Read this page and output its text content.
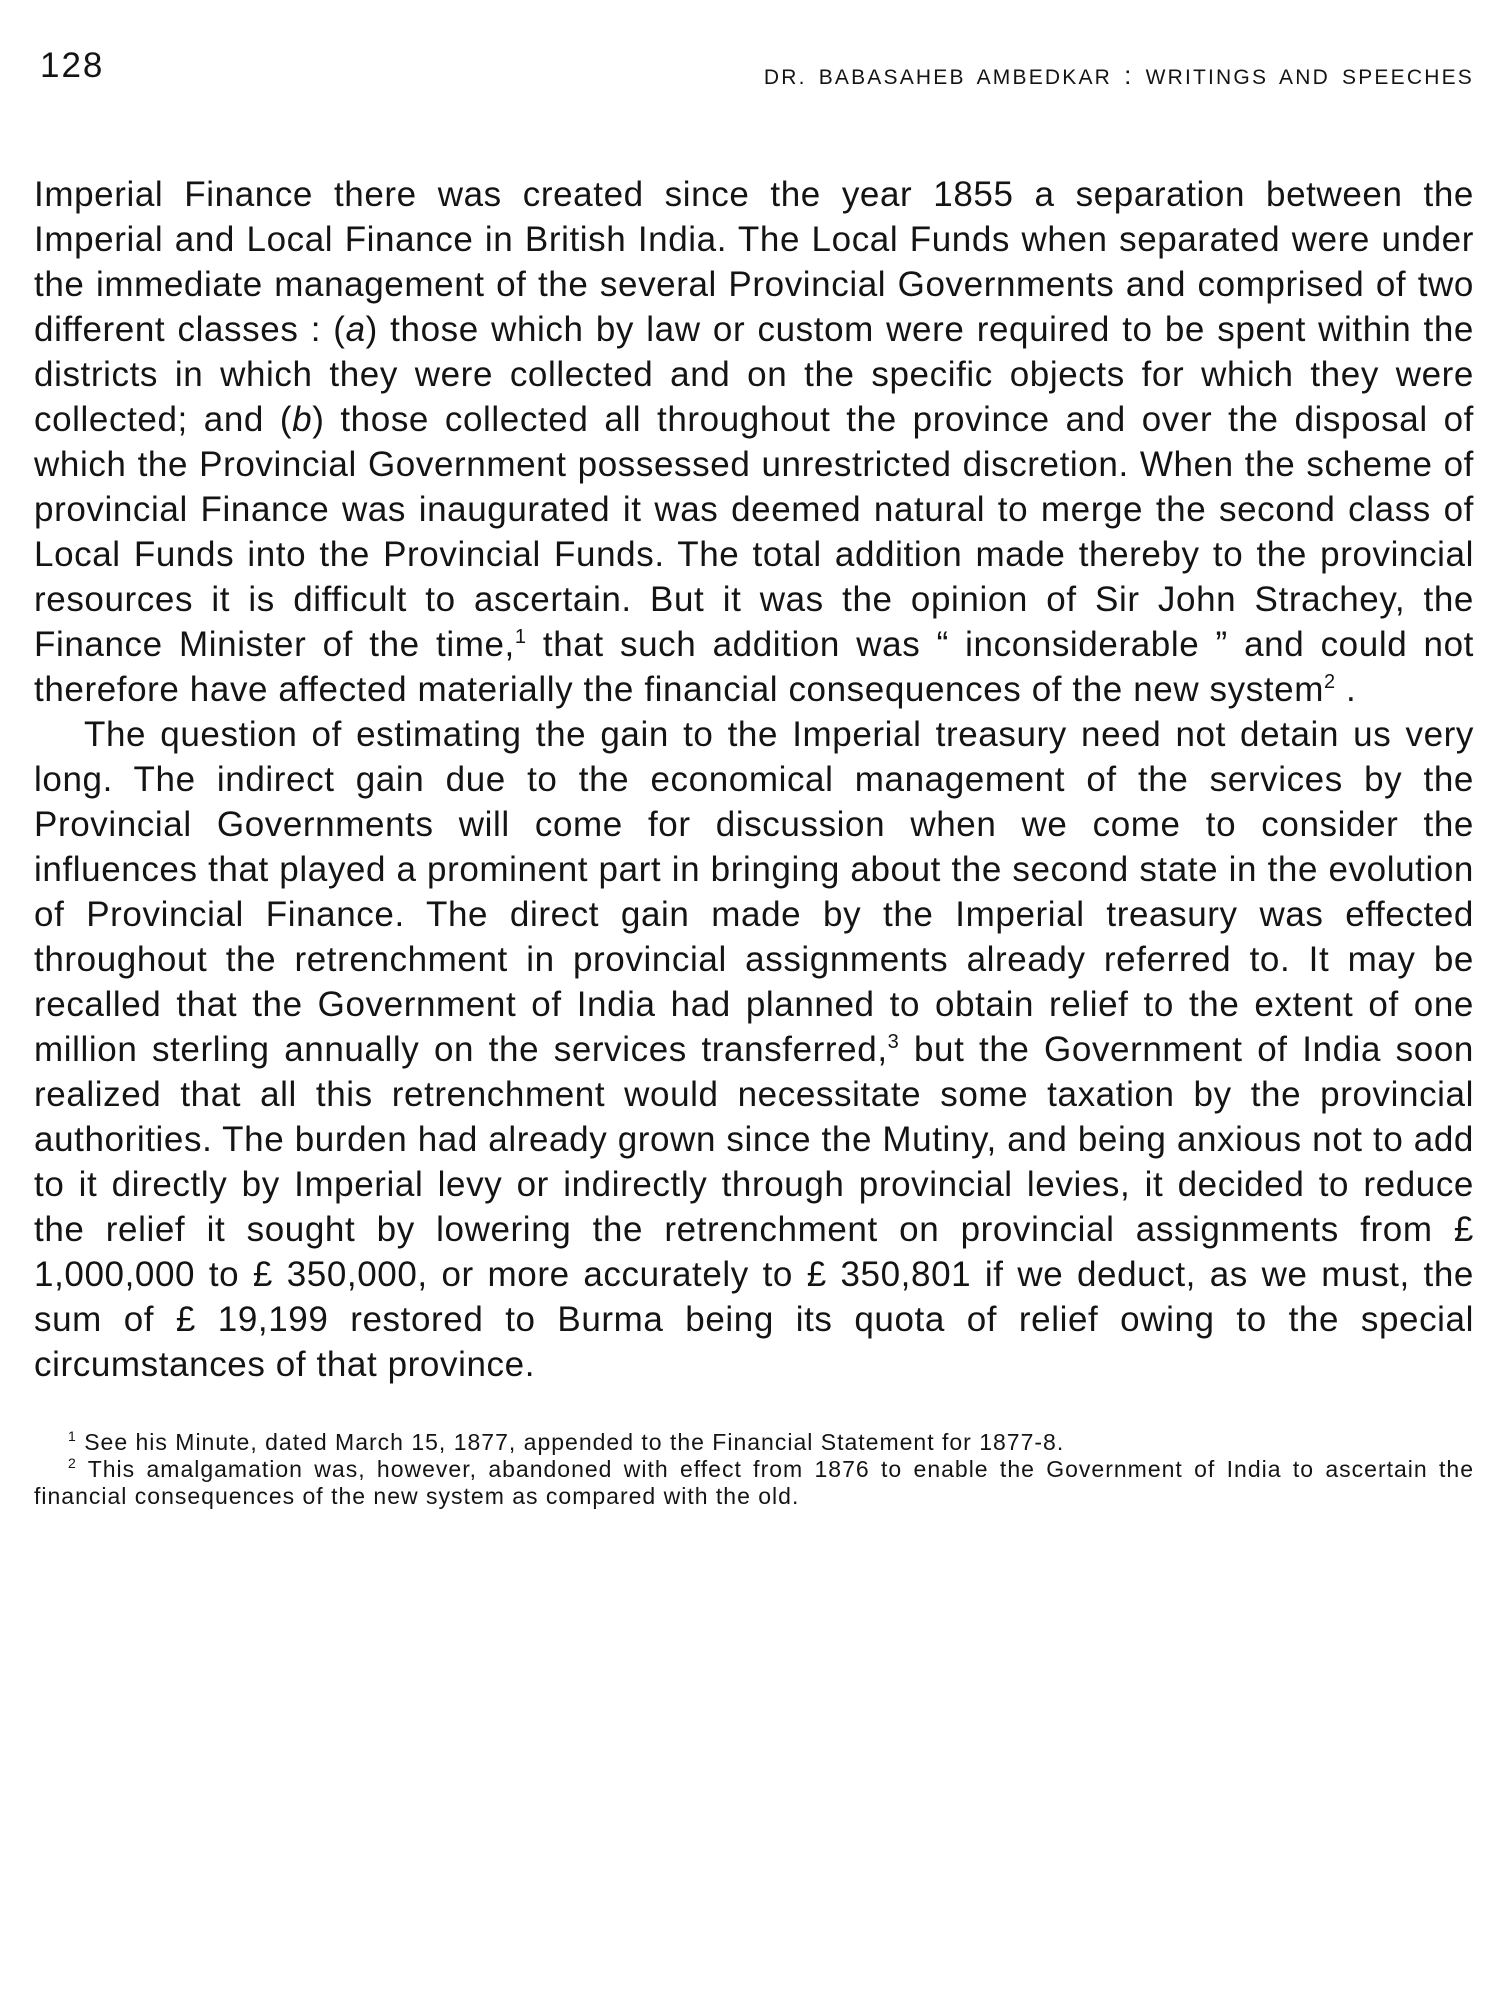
128	DR. BABASAHEB AMBEDKAR : WRITINGS AND SPEECHES

Imperial Finance there was created since the year 1855 a separation between the Imperial and Local Finance in British India. The Local Funds when separated were under the immediate management of the several Provincial Governments and comprised of two different classes : (a) those which by law or custom were required to be spent within the districts in which they were collected and on the specific objects for which they were collected; and (b) those collected all throughout the province and over the disposal of which the Provincial Government possessed unrestricted discretion. When the scheme of provincial Finance was inaugurated it was deemed natural to merge the second class of Local Funds into the Provincial Funds. The total addition made thereby to the provincial resources it is difficult to ascertain. But it was the opinion of Sir John Strachey, the Finance Minister of the time,$^1$ that such addition was “ inconsiderable ” and could not therefore have affected materially the financial consequences of the new system$^2$ .

The question of estimating the gain to the Imperial treasury need not detain us very long. The indirect gain due to the economical management of the services by the Provincial Governments will come for discussion when we come to consider the influences that played a prominent part in bringing about the second state in the evolution of Provincial Finance. The direct gain made by the Imperial treasury was effected throughout the retrenchment in provincial assignments already referred to. It may be recalled that the Government of India had planned to obtain relief to the extent of one million sterling annually on the services transferred,$^3$ but the Government of India soon realized that all this retrenchment would necessitate some taxation by the provincial authorities. The burden had already grown since the Mutiny, and being anxious not to add to it directly by Imperial levy or indirectly through provincial levies, it decided to reduce the relief it sought by lowering the retrenchment on provincial assignments from £ 1,000,000 to £ 350,000, or more accurately to £ 350,801 if we deduct, as we must, the sum of £ 19,199 restored to Burma being its quota of relief owing to the special circumstances of that province.

$^1$ See his Minute, dated March 15, 1877, appended to the Financial Statement for 1877-8.

$^2$ This amalgamation was, however, abandoned with effect from 1876 to enable the Government of India to ascertain the financial consequences of the new system as compared with the old.
